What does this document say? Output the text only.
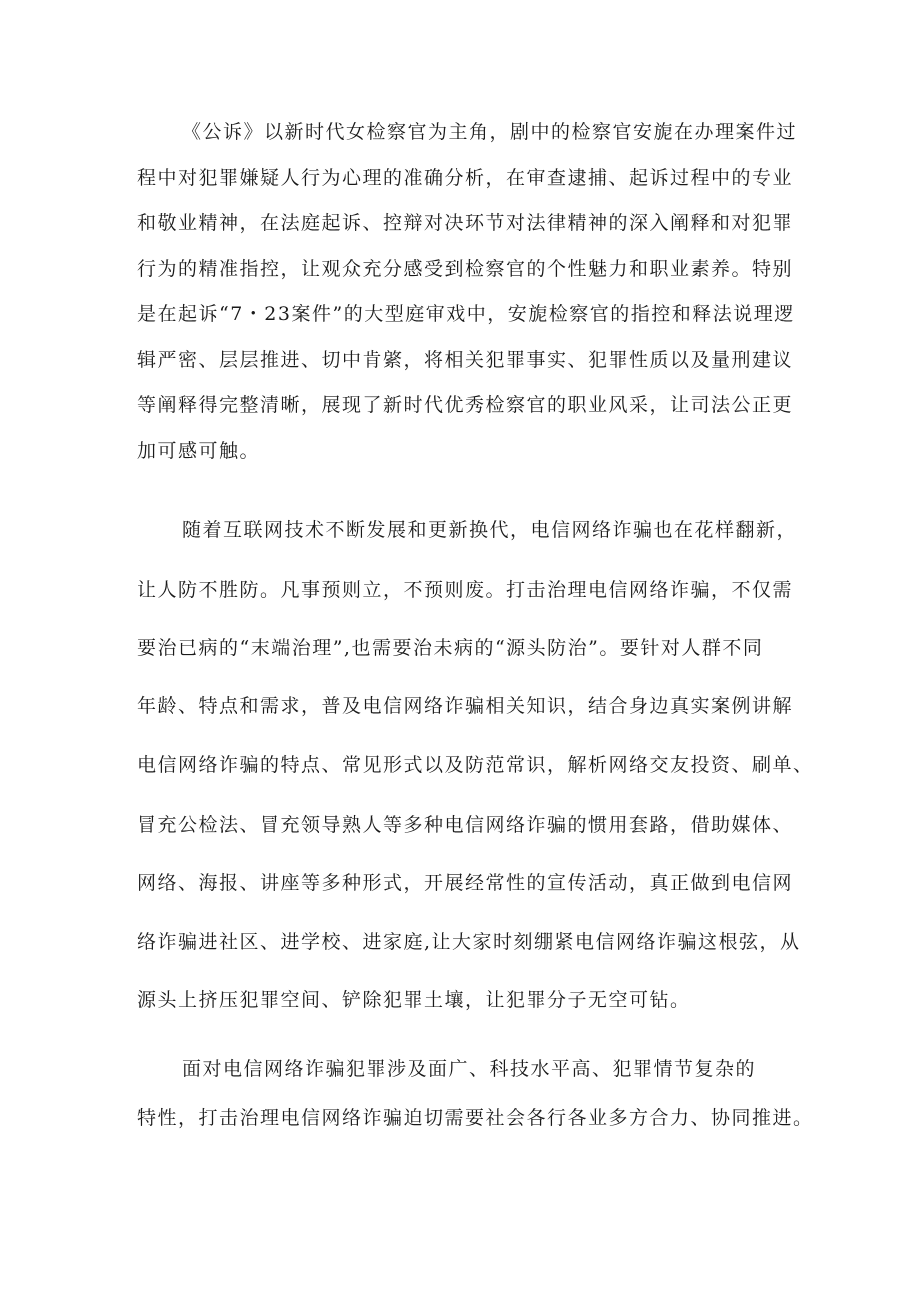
《公诉》以新时代女检察官为主角，剧中的检察官安旎在办理案件过
程中对犯罪嫌疑人行为心理的准确分析，在审查逮捕、起诉过程中的专业
和敬业精神，在法庭起诉、控辩对决环节对法律精神的深入阐释和对犯罪
行为的精准指控，让观众充分感受到检察官的个性魅力和职业素养。特别
是在起诉“7・23案件”的大型庭审戏中，安旎检察官的指控和释法说理逻
辑严密、层层推进、切中肯綮，将相关犯罪事实、犯罪性质以及量刑建议
等阐释得完整清晰，展现了新时代优秀检察官的职业风采，让司法公正更
加可感可触。
随着互联网技术不断发展和更新换代，电信网络诈骗也在花样翻新，
让人防不胜防。凡事预则立，不预则废。打击治理电信网络诈骗，不仅需
要治已病的“末端治理”,也需要治未病的“源头防治”。要针对人群不同
年龄、特点和需求，普及电信网络诈骗相关知识，结合身边真实案例讲解
电信网络诈骗的特点、常见形式以及防范常识，解析网络交友投资、刷单、
冒充公检法、冒充领导熟人等多种电信网络诈骗的惯用套路，借助媒体、
网络、海报、讲座等多种形式，开展经常性的宣传活动，真正做到电信网
络诈骗进社区、进学校、进家庭,让大家时刻绷紧电信网络诈骗这根弦，从
源头上挤压犯罪空间、铲除犯罪土壤，让犯罪分子无空可钻。
面对电信网络诈骗犯罪涉及面广、科技水平高、犯罪情节复杂的
特性，打击治理电信网络诈骗迫切需要社会各行各业多方合力、协同推进。
